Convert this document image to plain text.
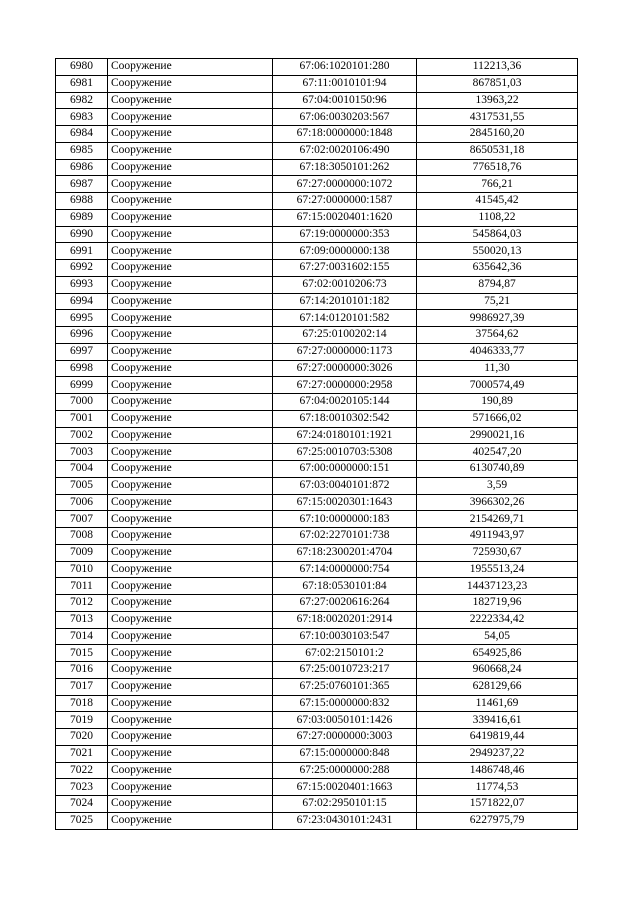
6980	Сооружение	67:06:1020101:280	112213,36
6981	Сооружение	67:11:0010101:94	867851,03
6982	Сооружение	67:04:0010150:96	13963,22
6983	Сооружение	67:06:0030203:567	4317531,55
6984	Сооружение	67:18:0000000:1848	2845160,20
6985	Сооружение	67:02:0020106:490	8650531,18
6986	Сооружение	67:18:3050101:262	776518,76
6987	Сооружение	67:27:0000000:1072	766,21
6988	Сооружение	67:27:0000000:1587	41545,42
6989	Сооружение	67:15:0020401:1620	1108,22
6990	Сооружение	67:19:0000000:353	545864,03
6991	Сооружение	67:09:0000000:138	550020,13
6992	Сооружение	67:27:0031602:155	635642,36
6993	Сооружение	67:02:0010206:73	8794,87
6994	Сооружение	67:14:2010101:182	75,21
6995	Сооружение	67:14:0120101:582	9986927,39
6996	Сооружение	67:25:0100202:14	37564,62
6997	Сооружение	67:27:0000000:1173	4046333,77
6998	Сооружение	67:27:0000000:3026	11,30
6999	Сооружение	67:27:0000000:2958	7000574,49
7000	Сооружение	67:04:0020105:144	190,89
7001	Сооружение	67:18:0010302:542	571666,02
7002	Сооружение	67:24:0180101:1921	2990021,16
7003	Сооружение	67:25:0010703:5308	402547,20
7004	Сооружение	67:00:0000000:151	6130740,89
7005	Сооружение	67:03:0040101:872	3,59
7006	Сооружение	67:15:0020301:1643	3966302,26
7007	Сооружение	67:10:0000000:183	2154269,71
7008	Сооружение	67:02:2270101:738	4911943,97
7009	Сооружение	67:18:2300201:4704	725930,67
7010	Сооружение	67:14:0000000:754	1955513,24
7011	Сооружение	67:18:0530101:84	14437123,23
7012	Сооружение	67:27:0020616:264	182719,96
7013	Сооружение	67:18:0020201:2914	2222334,42
7014	Сооружение	67:10:0030103:547	54,05
7015	Сооружение	67:02:2150101:2	654925,86
7016	Сооружение	67:25:0010723:217	960668,24
7017	Сооружение	67:25:0760101:365	628129,66
7018	Сооружение	67:15:0000000:832	11461,69
7019	Сооружение	67:03:0050101:1426	339416,61
7020	Сооружение	67:27:0000000:3003	6419819,44
7021	Сооружение	67:15:0000000:848	2949237,22
7022	Сооружение	67:25:0000000:288	1486748,46
7023	Сооружение	67:15:0020401:1663	11774,53
7024	Сооружение	67:02:2950101:15	1571822,07
7025	Сооружение	67:23:0430101:2431	6227975,79
